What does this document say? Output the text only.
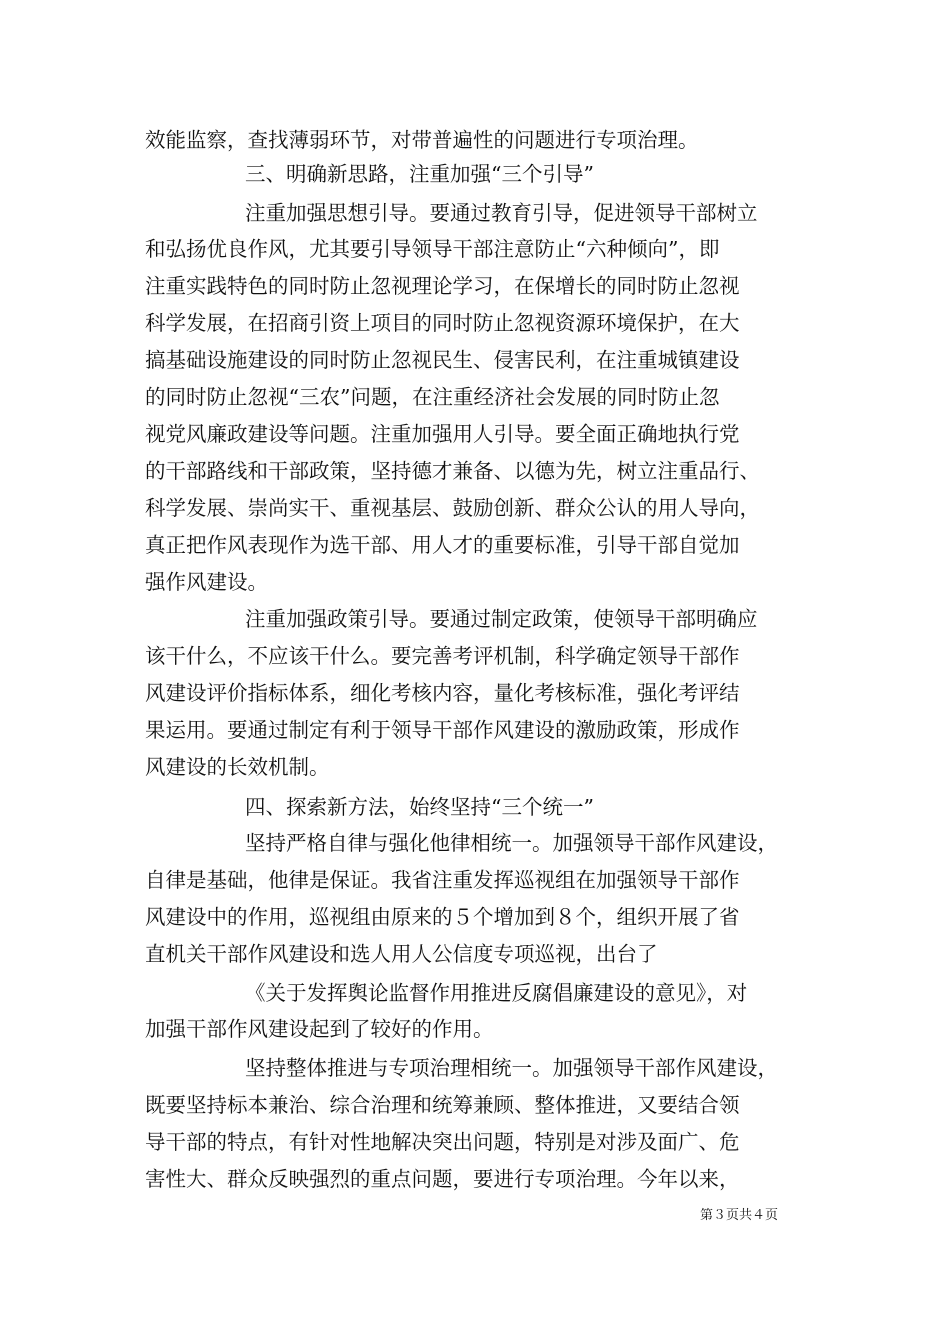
效能监察，查找薄弱环节，对带普遍性的问题进行专项治理。
三、明确新思路，注重加强“三个引导”
注重加强思想引导。要通过教育引导，促进领导干部树立
和弘扬优良作风，尤其要引导领导干部注意防止“六种倾向”，即
注重实践特色的同时防止忽视理论学习，在保增长的同时防止忽视
科学发展，在招商引资上项目的同时防止忽视资源环境保护，在大
搞基础设施建设的同时防止忽视民生、侵害民利，在注重城镇建设
的同时防止忽视“三农”问题，在注重经济社会发展的同时防止忽
视党风廉政建设等问题。注重加强用人引导。要全面正确地执行党
的干部路线和干部政策，坚持德才兼备、以德为先，树立注重品行、
科学发展、崇尚实干、重视基层、鼓励创新、群众公认的用人导向，
真正把作风表现作为选干部、用人才的重要标准，引导干部自觉加
强作风建设。
注重加强政策引导。要通过制定政策，使领导干部明确应
该干什么，不应该干什么。要完善考评机制，科学确定领导干部作
风建设评价指标体系，细化考核内容，量化考核标准，强化考评结
果运用。要通过制定有利于领导干部作风建设的激励政策，形成作
风建设的长效机制。
四、探索新方法，始终坚持“三个统一”
坚持严格自律与强化他律相统一。加强领导干部作风建设，
自律是基础，他律是保证。我省注重发挥巡视组在加强领导干部作
风建设中的作用，巡视组由原来的５个增加到８个，组织开展了省
直机关干部作风建设和选人用人公信度专项巡视，出台了
《关于发挥舆论监督作用推进反腐倡廉建设的意见》，对
加强干部作风建设起到了较好的作用。
坚持整体推进与专项治理相统一。加强领导干部作风建设，
既要坚持标本兼治、综合治理和统筹兼顾、整体推进，又要结合领
导干部的特点，有针对性地解决突出问题，特别是对涉及面广、危
害性大、群众反映强烈的重点问题，要进行专项治理。今年以来，
第３页共４页
